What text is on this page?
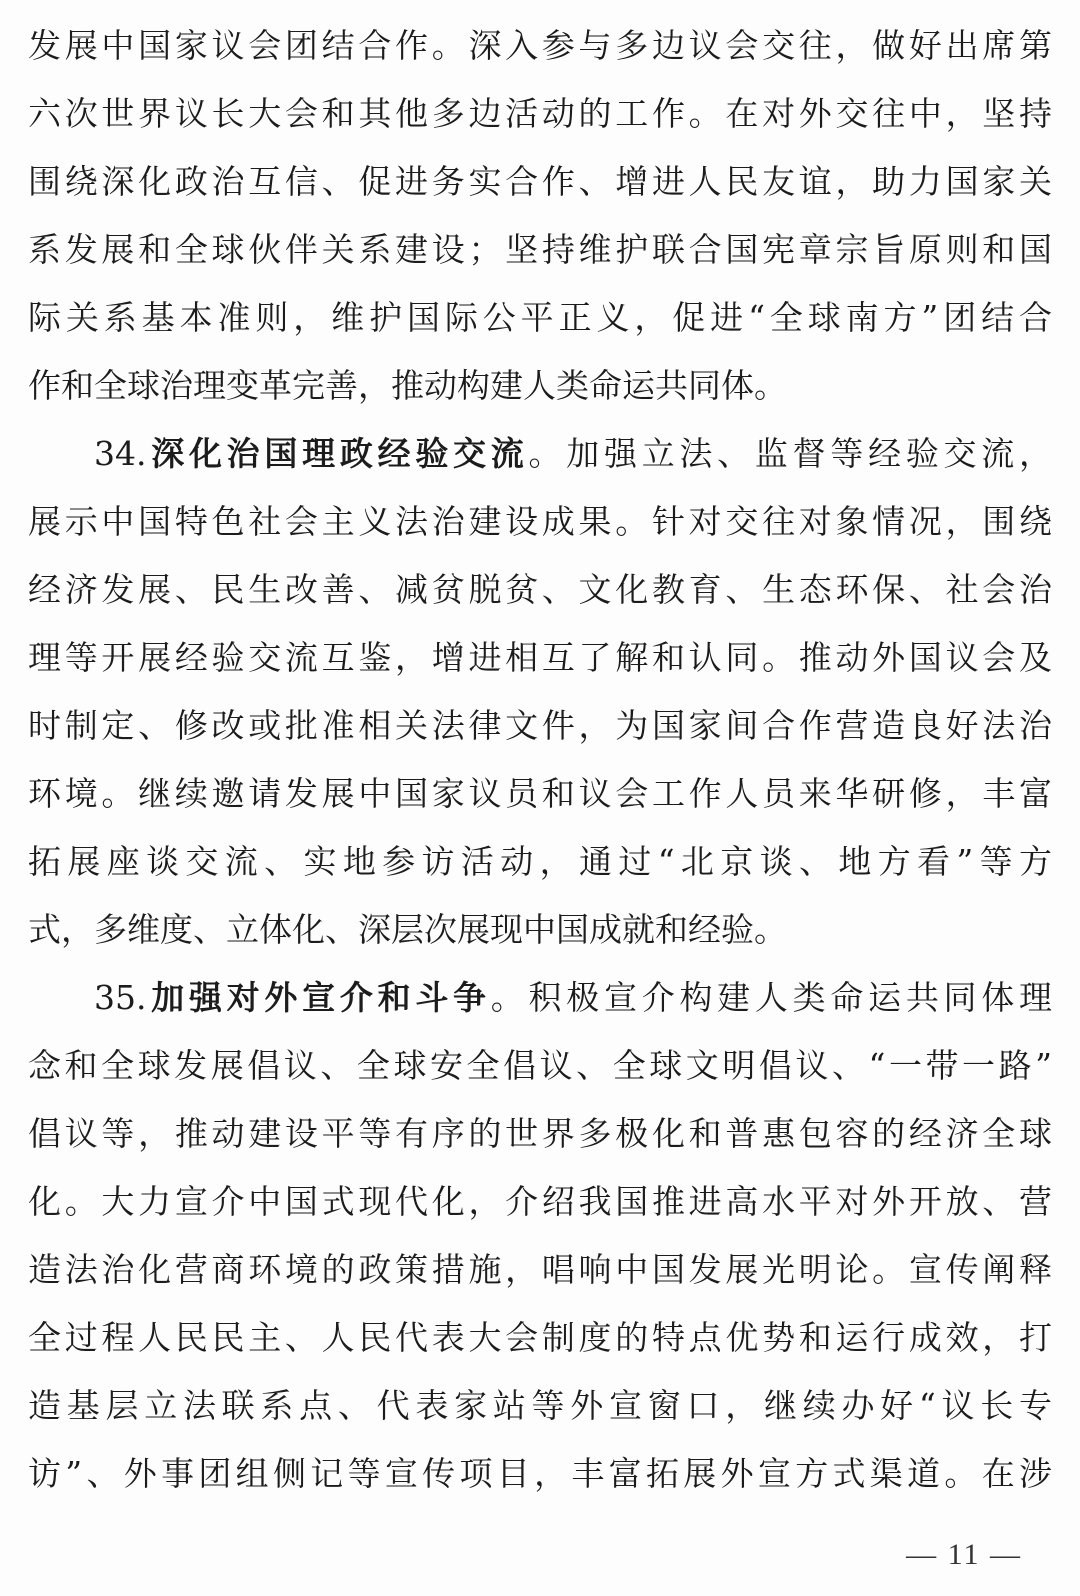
发展中国家议会团结合作。深入参与多边议会交往，做好出席第
六次世界议长大会和其他多边活动的工作。在对外交往中，坚持
围绕深化政治互信、促进务实合作、增进人民友谊，助力国家关
系发展和全球伙伴关系建设；坚持维护联合国宪章宗旨原则和国
际关系基本准则，维护国际公平正义，促进“全球南方”团结合
作和全球治理变革完善，推动构建人类命运共同体。
34.深化治国理政经验交流。加强立法、监督等经验交流，
展示中国特色社会主义法治建设成果。针对交往对象情况，围绕
经济发展、民生改善、减贫脱贫、文化教育、生态环保、社会治
理等开展经验交流互鉴，增进相互了解和认同。推动外国议会及
时制定、修改或批准相关法律文件，为国家间合作营造良好法治
环境。继续邀请发展中国家议员和议会工作人员来华研修，丰富
拓展座谈交流、实地参访活动，通过“北京谈、地方看”等方
式，多维度、立体化、深层次展现中国成就和经验。
35.加强对外宣介和斗争。积极宣介构建人类命运共同体理
念和全球发展倡议、全球安全倡议、全球文明倡议、“一带一路”
倡议等，推动建设平等有序的世界多极化和普惠包容的经济全球
化。大力宣介中国式现代化，介绍我国推进高水平对外开放、营
造法治化营商环境的政策措施，唱响中国发展光明论。宣传阐释
全过程人民民主、人民代表大会制度的特点优势和运行成效，打
造基层立法联系点、代表家站等外宣窗口，继续办好“议长专
访”、外事团组侧记等宣传项目，丰富拓展外宣方式渠道。在涉
— 11 —
